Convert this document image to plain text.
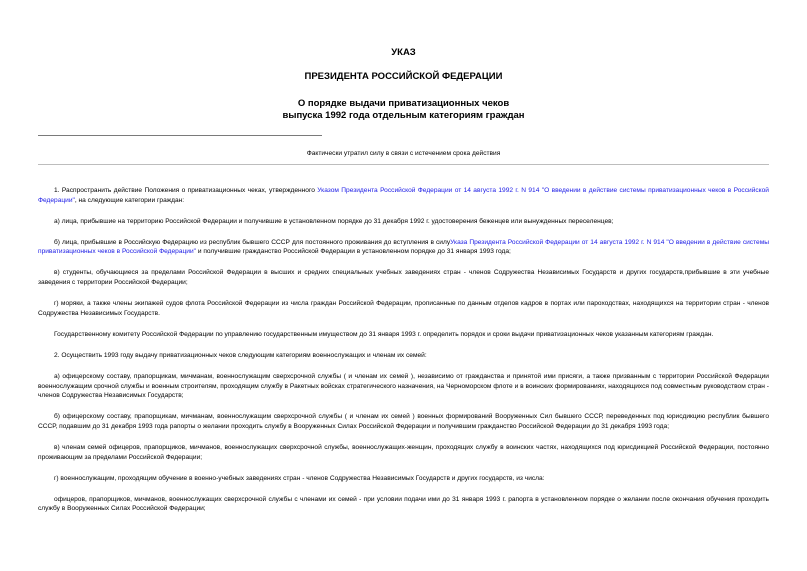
УКАЗ

ПРЕЗИДЕНТА РОССИЙСКОЙ ФЕДЕРАЦИИ

О порядке выдачи приватизационных чеков
выпуска 1992 года отдельным категориям граждан
Фактически утратил силу в связи с истечением срока действия

1. Распространить действие Положения о приватизационных чеках, утвержденного Указом Президента Российской Федерации от 14 августа 1992 г. N 914 "О введении в действие системы приватизационных чеков в Российской Федерации", на следующие категории граждан:

а) лица, прибывшие на территорию Российской Федерации и получившие в установленном порядке до 31 декабря 1992 г. удостоверения беженцев или вынужденных переселенцев;

б) лица, прибывшие в Российскую Федерацию из республик бывшего СССР для постоянного проживания до вступления в силуУказа Президента Российской Федерации от 14 августа 1992 г. N 914 "О введении в действие системы приватизационных чеков в Российской Федерации" и получившие гражданство Российской Федерации в установленном порядке до 31 января 1993 года;

в) студенты, обучающиеся за пределами Российской Федерации в высших и средних специальных учебных заведениях стран - членов Содружества Независимых Государств и других государств,прибывшие в эти учебные заведения с территории Российской Федерации;

г) моряки, а также члены экипажей судов флота Российской Федерации из числа граждан Российской Федерации, прописанные по данным отделов кадров в портах или пароходствах, находящихся на территории стран - членов Содружества Независимых Государств.

Государственному комитету Российской Федерации по управлению государственным имуществом до 31 января 1993 г. определить порядок и сроки выдачи приватизационных чеков указанным категориям граждан.

2. Осуществить 1993 году выдачу приватизационных чеков следующим категориям военнослужащих и членам их семей:

а) офицерскому составу, прапорщикам, мичманам, военнослужащим сверхсрочной службы ( и членам их семей ), независимо от гражданства и принятой ими присяги, а также призванным с территории Российской Федерации военнослужащим срочной службы и военным строителям, проходящим службу в Ракетных войсках стратегического назначения, на Черноморском флоте и в воинских формированиях, находящихся под совместным руководством стран - членов Содружества Независимых Государств;

б) офицерскому составу, прапорщикам, мичманам, военнослужащим сверхсрочной службы ( и членам их семей ) военных формирований Вооруженных Сил бывшего СССР, переведенных под юрисдикцию республик бывшего СССР, подавшим до 31 декабря 1993 года рапорты о желании проходить службу в Вооруженных Силах Российской Федерации и получившим гражданство Российской Федерации до 31 декабря 1993 года;

в) членам семей офицеров, прапорщиков, мичманов, военнослужащих сверхсрочной службы, военнослужащих-женщин, проходящих службу в воинских частях, находящихся под юрисдикцией Российской Федерации, постоянно проживающим за пределами Российской Федерации;

г) военнослужащим, проходящим обучение в военно-учебных заведениях стран - членов Содружества Независимых Государств и других государств, из числа:

офицеров, прапорщиков, мичманов, военнослужащих сверхсрочной службы с членами их семей - при условии подачи ими до 31 января 1993 г. рапорта в установленном порядке о желании после окончания обучения проходить службу в Вооруженных Силах Российской Федерации;
